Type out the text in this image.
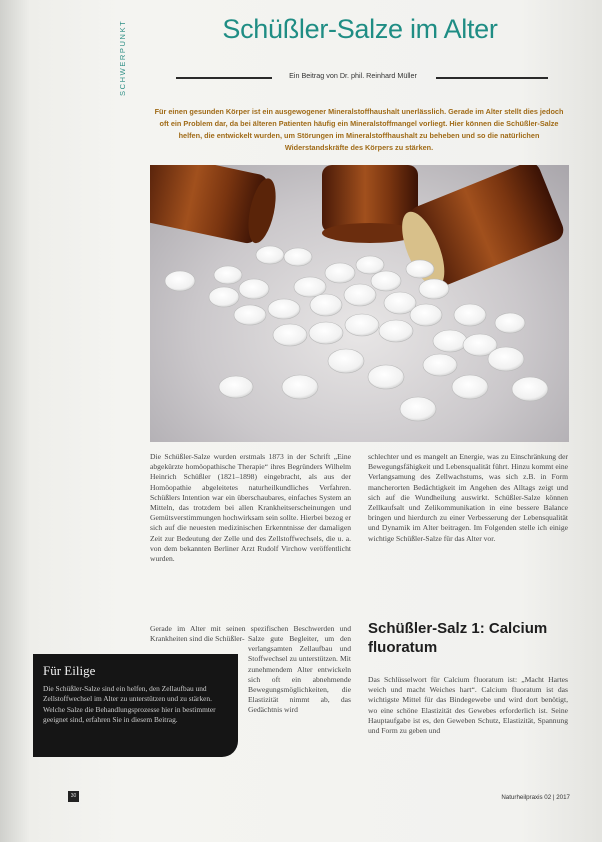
SCHWERPUNKT	Schüßler-Salze im Alter
Ein Beitrag von Dr. phil. Reinhard Müller
Für einen gesunden Körper ist ein ausgewogener Mineralstoffhaushalt unerlässlich. Gerade im Alter stellt dies jedoch oft ein Problem dar, da bei älteren Patienten häufig ein Mineralstoffmangel vorliegt. Hier können die Schüßler-Salze helfen, die entwickelt wurden, um Störungen im Mineralstoffhaushalt zu beheben und so die natürlichen Widerstandskräfte des Körpers zu stärken.

Die Schüßler-Salze wurden erstmals 1873 in der Schrift „Eine abgekürzte homöopathische Therapie“ ihres Begründers Wilhelm Heinrich Schüßler (1821–1898) eingebracht, als aus der Homöopathie abgeleitetes naturheilkundliches Verfahren. Schüßlers Intention war ein überschaubares, einfaches System an Mitteln, das trotzdem bei allen Krankheitserscheinungen und Gemütsverstimmungen hochwirksam sein sollte. Hierbei bezog er sich auf die neuesten medizinischen Erkenntnisse der damaligen Zeit zur Bedeutung der Zelle und des Zellstoffwechsels, die u. a. von dem bekannten Berliner Arzt Rudolf Virchow veröffentlicht wurden.

Gerade im Alter mit seinen spezifischen Beschwerden und Krankheiten sind die Schüßler- Salze gute Begleiter, um den verlangsamten Zellaufbau und Stoffwechsel zu unterstützen. Mit zunehmendem Alter entwickeln sich oft ein abnehmende Bewegungsmöglichkeiten, die Elastizität nimmt ab, das Gedächtnis wird

schlechter und es mangelt an Energie, was zu Einschränkung der Bewegungsfähigkeit und Lebensqualität führt. Hinzu kommt eine Verlangsamung des Zellwachstums, was sich z.B. in Form mancherorten Bedächtigkeit im Angehen des Alltags zeigt und sich auf die Wundheilung auswirkt. Schüßler-Salze können Zellkaufsalt und Zelikommunikation in eine bessere Balance bringen und hierdurch zu einer Verbesserung der Lebensqualität und Dynamik im Alter beitragen. Im Folgenden stelle ich einige wichtige Schüßler-Salze für das Alter vor.

Schüßler-Salz 1: Calcium fluoratum

Das Schlüsselwort für Calcium fluoratum ist: „Macht Hartes weich und macht Weiches hart“. Calcium fluoratum ist das wichtigste Mittel für das Bindegewebe und wird dort benötigt, wo eine schöne Elastizität des Gewebes erforderlich ist. Seine Hauptaufgabe ist es, den Geweben Schutz, Elastizität, Spannung und Form zu geben und

Für Eilige
Die Schüßler-Salze sind ein helfen, den Zellaufbau und Zellstoffwechsel im Alter zu unterstützen und zu stärken. Welche Salze die Behandlungsprozesse hier in bestimmter geeignet sind, erfahren Sie in diesem Beitrag.
30	Naturheilpraxis 02 | 2017
